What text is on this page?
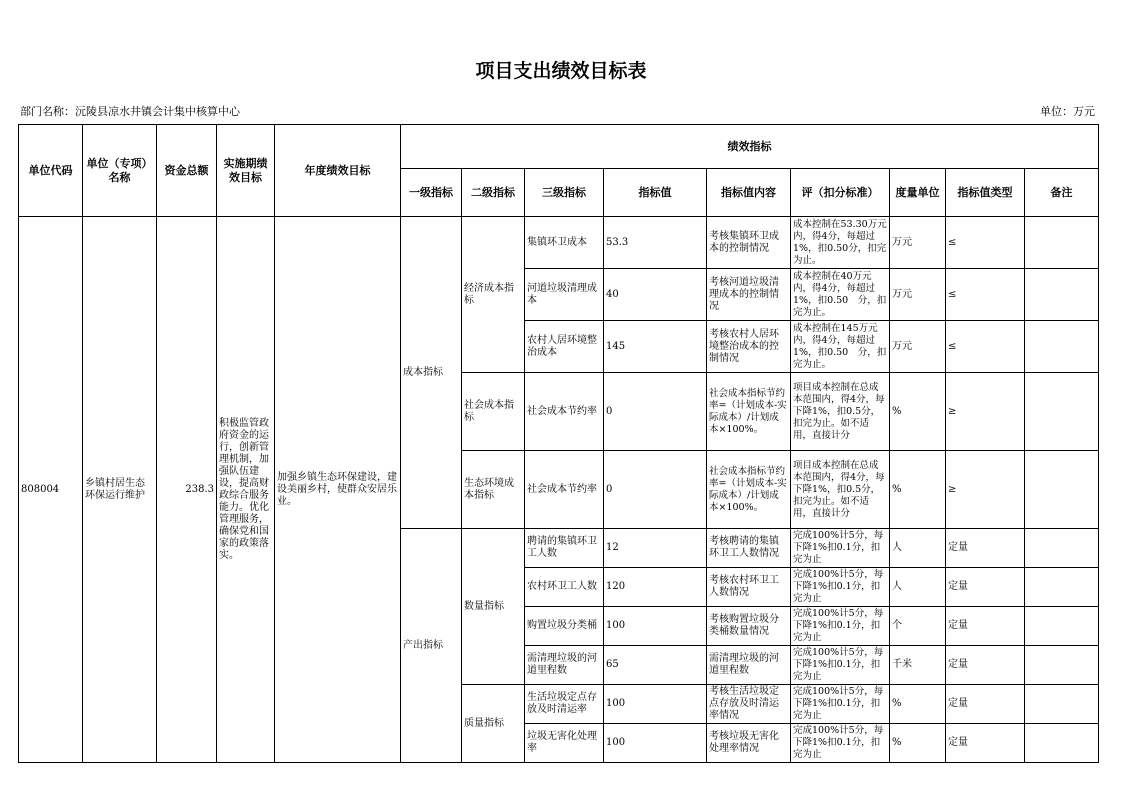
项目支出绩效目标表
部门名称：沅陵县凉水井镇会计集中核算中心	单位：万元
单位代码	单位（专项）名称	资金总额	实施期绩效目标	年度绩效目标	绩效指标								
					一级指标	二级指标	三级指标	指标值	指标值内容	评（扣分标准）	度量单位	指标值类型	备注
808004	乡镇村居生态环保运行维护	238.3	积极监管政府资金的运行，创新管理机制，加强队伍建设，提高财政综合服务能力。优化管理服务，确保党和国家的政策落实。	加强乡镇生态环保建设，建设美丽乡村，使群众安居乐业。	成本指标	经济成本指标	集镇环卫成本	53.3	考核集镇环卫成本的控制情况	成本控制在53.30万元内，得4分，每超过1%，扣0.50分，扣完为止。	万元	≤	
							河道垃圾清理成本	40	考核河道垃圾清理成本的控制情况	成本控制在40万元内，得4分，每超过1%，扣0.50　分，扣完为止。	万元	≤	
							农村人居环境整治成本	145	考核农村人居环境整治成本的控制情况	成本控制在145万元内，得4分，每超过1%，扣0.50　分，扣完为止。	万元	≤	
						社会成本指标	社会成本节约率	0	社会成本指标节约率=（计划成本-实际成本）/计划成本×100%。	项目成本控制在总成本范围内，得4分，每下降1%，扣0.5分，扣完为止。如不适用，直接计分	%	≥	
						生态环境成本指标	社会成本节约率	0	社会成本指标节约率=（计划成本-实际成本）/计划成本×100%。	项目成本控制在总成本范围内，得4分，每下降1%，扣0.5分，扣完为止。如不适用，直接计分	%	≥	
					产出指标	数量指标	聘请的集镇环卫工人数	12	考核聘请的集镇环卫工人数情况	完成100%计5分，每下降1%扣0.1分，扣完为止	人	定量	
							农村环卫工人数	120	考核农村环卫工人数情况	完成100%计5分，每下降1%扣0.1分，扣完为止	人	定量	
							购置垃圾分类桶	100	考核购置垃圾分类桶数量情况	完成100%计5分，每下降1%扣0.1分，扣完为止	个	定量	
							需清理垃圾的河道里程数	65	需清理垃圾的河道里程数	完成100%计5分，每下降1%扣0.1分，扣完为止	千米	定量	
						质量指标	生活垃圾定点存放及时清运率	100	考核生活垃圾定点存放及时清运率情况	完成100%计5分，每下降1%扣0.1分，扣完为止	%	定量	
							垃圾无害化处理率	100	考核垃圾无害化处理率情况	完成100%计5分，每下降1%扣0.1分，扣完为止	%	定量	
